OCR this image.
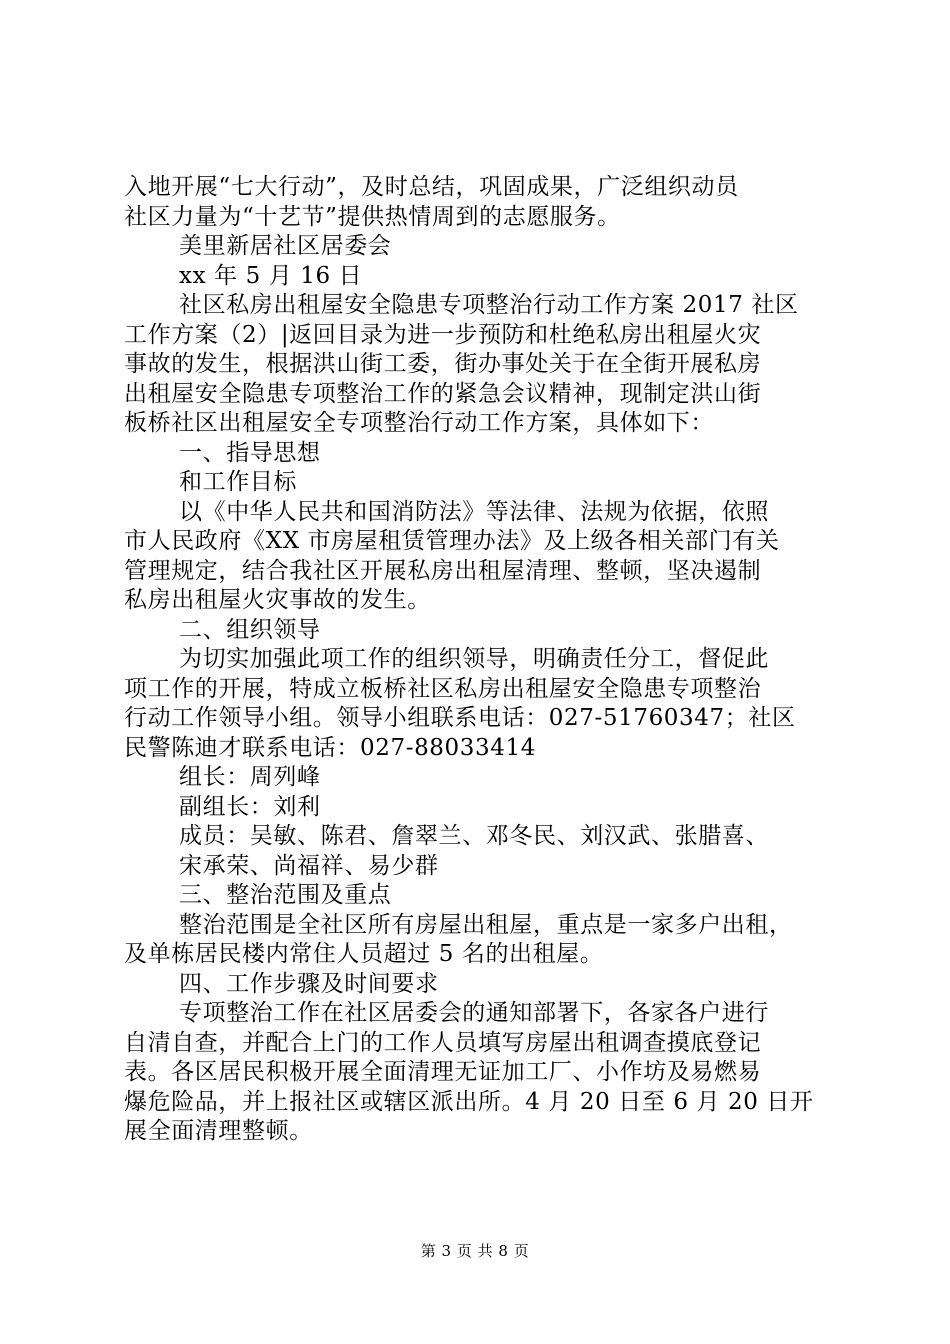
入地开展“七大行动”，及时总结，巩固成果，广泛组织动员
社区力量为“十艺节”提供热情周到的志愿服务。
美里新居社区居委会
xx 年 5 月 16 日
社区私房出租屋安全隐患专项整治行动工作方案 2017 社区
工作方案（2）|返回目录为进一步预防和杜绝私房出租屋火灾
事故的发生，根据洪山街工委，街办事处关于在全街开展私房
出租屋安全隐患专项整治工作的紧急会议精神，现制定洪山街
板桥社区出租屋安全专项整治行动工作方案，具体如下：
一、指导思想
和工作目标
以《中华人民共和国消防法》等法律、法规为依据，依照
市人民政府《XX 市房屋租赁管理办法》及上级各相关部门有关
管理规定，结合我社区开展私房出租屋清理、整顿，坚决遏制
私房出租屋火灾事故的发生。
二、组织领导
为切实加强此项工作的组织领导，明确责任分工，督促此
项工作的开展，特成立板桥社区私房出租屋安全隐患专项整治
行动工作领导小组。领导小组联系电话：027-51760347；社区
民警陈迪才联系电话：027-88033414
组长：周列峰
副组长：刘利
成员：吴敏、陈君、詹翠兰、邓冬民、刘汉武、张腊喜、
宋承荣、尚福祥、易少群
三、整治范围及重点
整治范围是全社区所有房屋出租屋，重点是一家多户出租，
及单栋居民楼内常住人员超过 5 名的出租屋。
四、工作步骤及时间要求
专项整治工作在社区居委会的通知部署下，各家各户进行
自清自查，并配合上门的工作人员填写房屋出租调查摸底登记
表。各区居民积极开展全面清理无证加工厂、小作坊及易燃易
爆危险品，并上报社区或辖区派出所。4 月 20 日至 6 月 20 日开
展全面清理整顿。
第 3 页 共 8 页
